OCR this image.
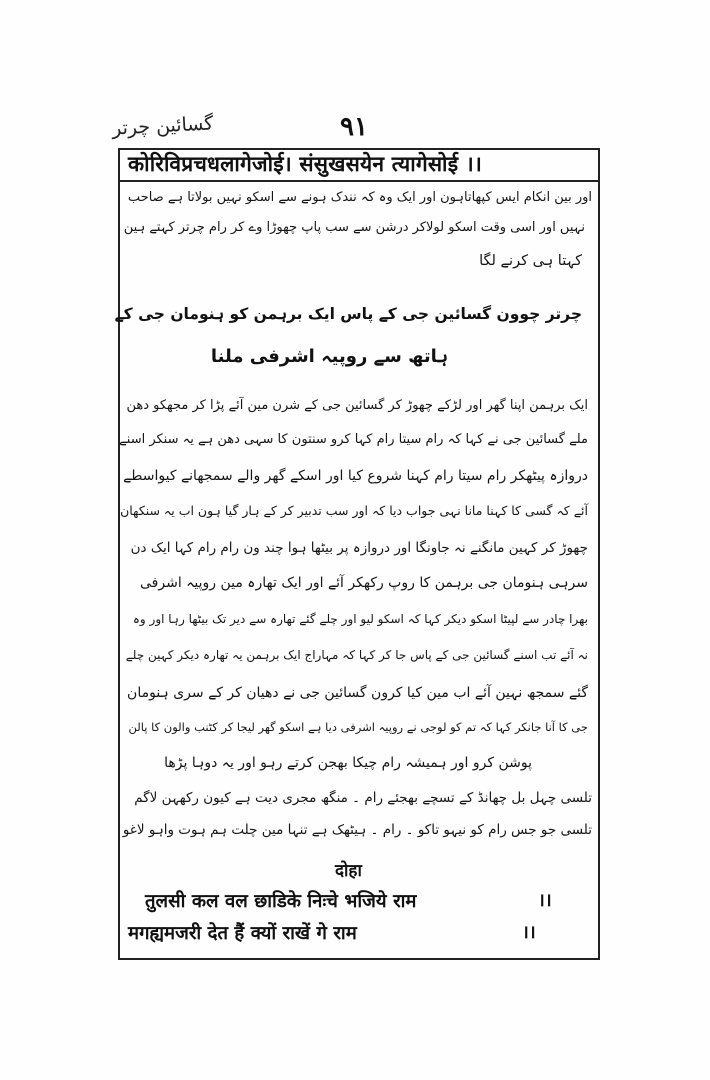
گسائین چرتر	۹۱
कोरिविप्रचधलागेजोई। संसुखसयेन त्यागेसोई ।।
اور بین انکام ایس کپھاتاہون اور ایک وہ کہ نندک ہونے سے اسکو نہیں بولاتا ہے صاحب
نہیں اور اسی وقت اسکو لولاکر درشن سے سب پاپ چھوڑا وے کر رام چرتر کہتے ہین
کہتا ہی کرنے لگا
چرتر چوون گسائین جی کے پاس ایک برہمن کو ہنومان جی کے
ہاتھ سے روپیہ اشرفی ملنا
ایک برہمن اپنا گھر اور لڑکے چھوڑ کر گسائین جی کے شرن مین آئے پڑا کر مجھکو دھن
ملے گسائین جی نے کہا کہ رام سیتا رام کہا کرو سنتون کا سہی دھن ہے یہ سنکر اسنے
دروازہ پیٹھکر رام سیتا رام کہنا شروع کیا اور اسکے گھر والے سمجھانے کیواسطے
آئے کہ گسی کا کہنا مانا نہی جواب دیا کہ اور سب تدبیر کر کے ہار گیا ہون اب یہ سنکھان
چھوڑ کر کہین مانگنے نہ جاونگا اور دروازہ پر بیٹھا ہوا چند ون رام رام کہا ایک دن
سرہی ہنومان جی برہمن کا روپ رکھکر آئے اور ایک تھارہ مین روپیہ اشرفی
بھرا چادر سے لپیٹا اسکو دیکر کہا کہ اسکو لیو اور چلے گئے تھارہ سے دیر تک بیٹھا رہا اور وہ
نہ آئے تب اسنے گسائین جی کے پاس جا کر کہا کہ مہاراج ایک برہمن یہ تھارہ دیکر کہین چلے
گئے سمجھ نہین آئے اب مین کیا کرون گسائین جی نے دھیان کر کے سری ہنومان
جی کا آنا جانکر کہا کہ تم کو لوجی نے روپیہ اشرفی دیا ہے اسکو گھر لیجا کر کٹنب والون کا پالن
پوشن کرو اور ہمیشہ رام چیکا بھجن کرتے رہو اور یہ دوہا پڑھا
تلسی چہل بل چھانڈ کے تسچے بھجئے رام ۔ منگھ مجری دیت ہے کیون رکھہن لاگم
تلسی جو جس رام کو نیہو تاکو ۔ رام ۔ ہیٹھک ہے تنہا مین چلت ہم ہوت واہو لاغو
दोहा
तुलसी कल वल छाडिके निःचे भजिये राम	।।
मगह्यमजरी देत हैं क्यों राखें गे राम	।।
